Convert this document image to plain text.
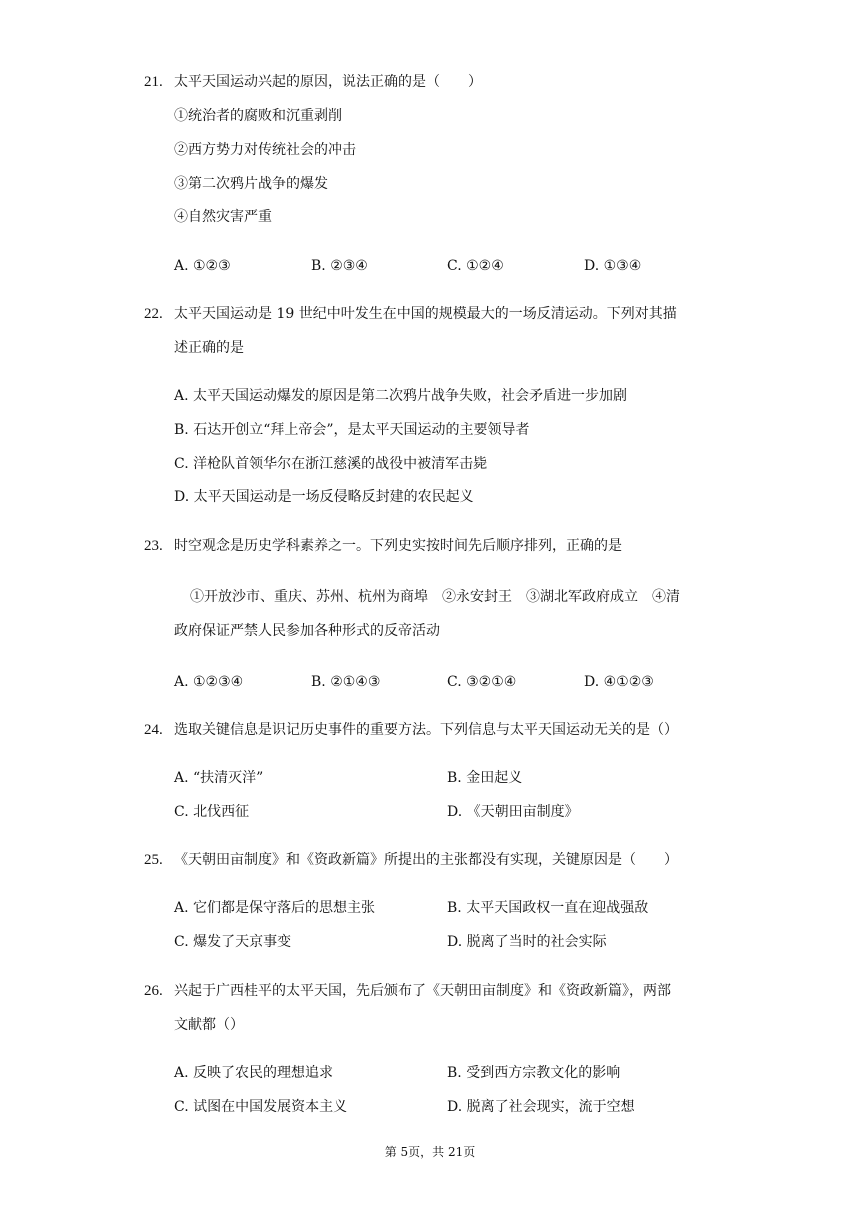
21. 太平天国运动兴起的原因，说法正确的是（　　）
①统治者的腐败和沉重剥削
②西方势力对传统社会的冲击
③第二次鸦片战争的爆发
④自然灾害严重
A. ①②③	B. ②③④	C. ①②④	D. ①③④
22. 太平天国运动是 19 世纪中叶发生在中国的规模最大的一场反清运动。下列对其描
述正确的是
A. 太平天国运动爆发的原因是第二次鸦片战争失败，社会矛盾进一步加剧
B. 石达开创立“拜上帝会”，是太平天国运动的主要领导者
C. 洋枪队首领华尔在浙江慈溪的战役中被清军击毙
D. 太平天国运动是一场反侵略反封建的农民起义
23. 时空观念是历史学科素养之一。下列史实按时间先后顺序排列，正确的是
①开放沙市、重庆、苏州、杭州为商埠　②永安封王　③湖北军政府成立　④清
政府保证严禁人民参加各种形式的反帝活动
A. ①②③④	B. ②①④③	C. ③②①④	D. ④①②③
24. 选取关键信息是识记历史事件的重要方法。下列信息与太平天国运动无关的是（）
A. “扶清灭洋”	B. 金田起义
C. 北伐西征	D. 《天朝田亩制度》
25. 《天朝田亩制度》和《资政新篇》所提出的主张都没有实现，关键原因是（　　）
A. 它们都是保守落后的思想主张	B. 太平天国政权一直在迎战强敌
C. 爆发了天京事变	D. 脱离了当时的社会实际
26. 兴起于广西桂平的太平天国，先后颁布了《天朝田亩制度》和《资政新篇》，两部
文献都（）
A. 反映了农民的理想追求	B. 受到西方宗教文化的影响
C. 试图在中国发展资本主义	D. 脱离了社会现实，流于空想
第 5页，共 21页
